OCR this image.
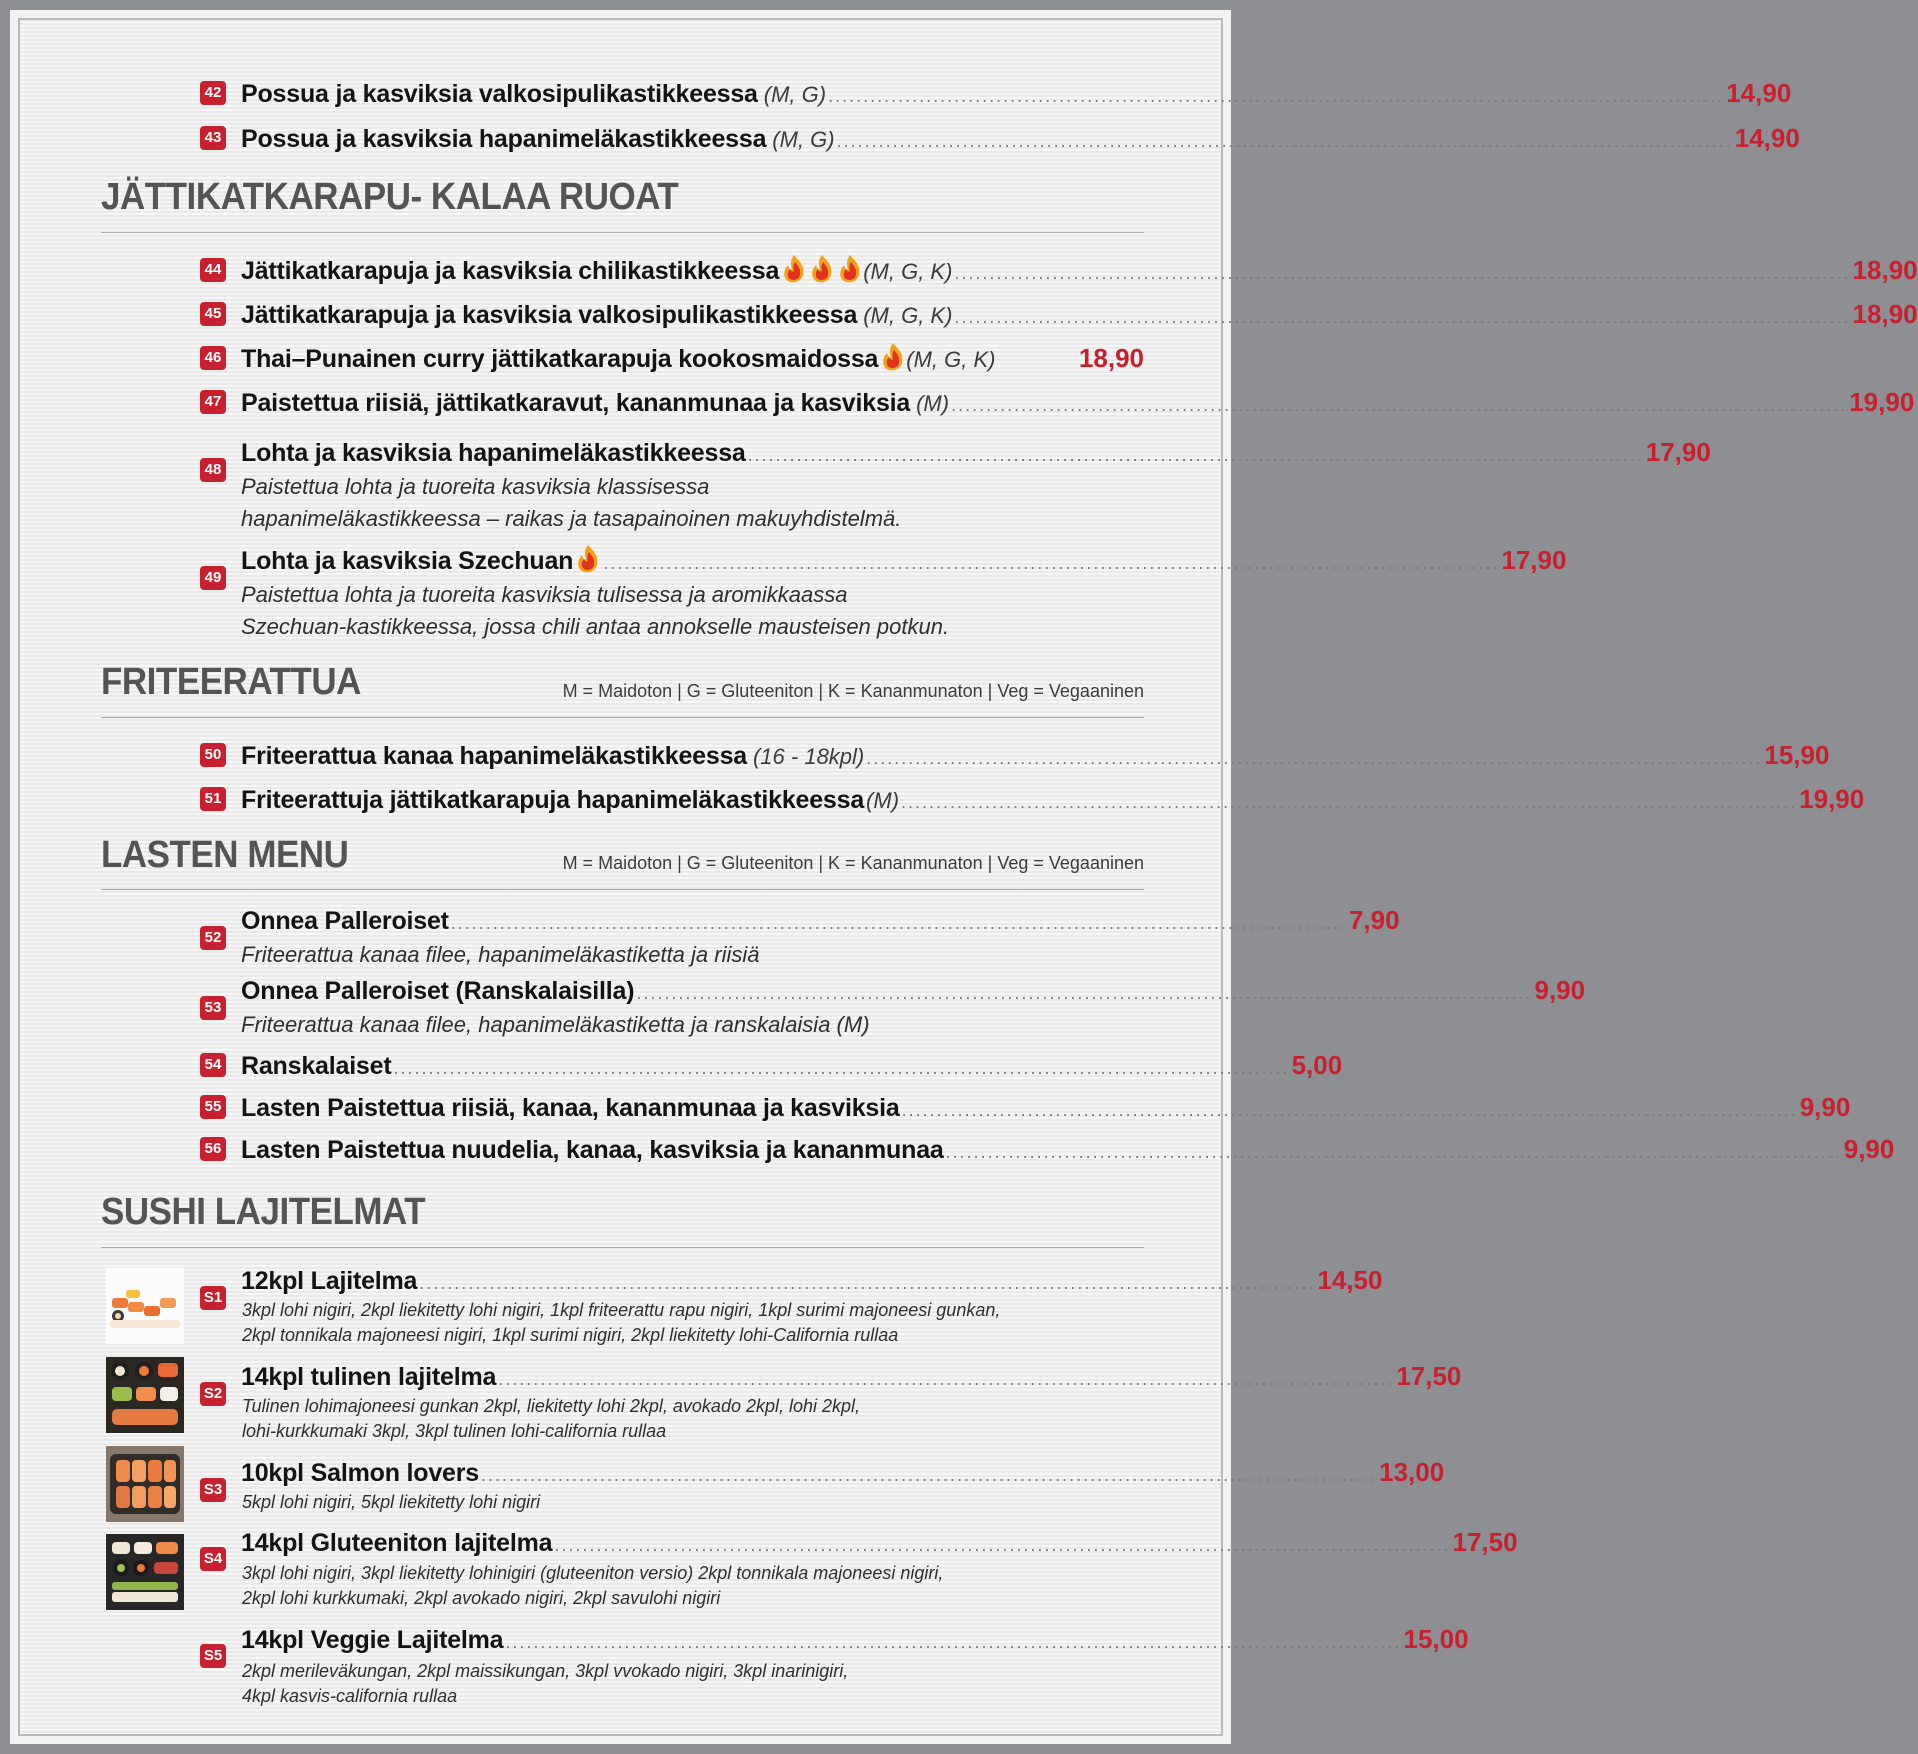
42 Possua ja kasviksia valkosipulikastikkeessa (M, G) ................................................................................................................................ 14,90
43 Possua ja kasviksia hapanimeläkastikkeessa (M, G) ................................................................................................................................ 14,90
JÄTTIKATKARAPU- KALAA RUOAT
44 Jättikatkarapuja ja kasviksia chilikastikkeessa	(M, G, K) ................................................................................................................................ 18,90
45 Jättikatkarapuja ja kasviksia valkosipulikastikkeessa (M, G, K) ................................................................................................................................ 18,90
46 Thai–Punainen curry jättikatkarapuja kookosmaidossa (M, G, K)	18,90
47 Paistettua riisiä, jättikatkaravut, kananmunaa ja kasviksia (M) ................................................................................................................................ 19,90
48
Lohta ja kasviksia hapanimeläkastikkeessa ................................................................................................................................ 17,90
Paistettua lohta ja tuoreita kasviksia klassisessa
hapanimeläkastikkeessa – raikas ja tasapainoinen makuyhdistelmä.
49
Lohta ja kasviksia Szechuan ................................................................................................................................ 17,90
Paistettua lohta ja tuoreita kasviksia tulisessa ja aromikkaassa
Szechuan-kastikkeessa, jossa chili antaa annokselle mausteisen potkun.
FRITEERATTUA	M = Maidoton | G = Gluteeniton | K = Kananmunaton | Veg = Vegaaninen
50 Friteerattua kanaa hapanimeläkastikkeessa (16 - 18kpl) ................................................................................................................................ 15,90
51 Friteerattuja jättikatkarapuja hapanimeläkastikkeessa (M) ................................................................................................................................ 19,90
LASTEN MENU	M = Maidoton | G = Gluteeniton | K = Kananmunaton | Veg = Vegaaninen
52
Onnea Palleroiset ................................................................................................................................ 7,90
Friteerattua kanaa filee, hapanimeläkastiketta ja riisiä
53
Onnea Palleroiset (Ranskalaisilla) ................................................................................................................................ 9,90
Friteerattua kanaa filee, hapanimeläkastiketta ja ranskalaisia (M)
54 Ranskalaiset ................................................................................................................................ 5,00
55 Lasten Paistettua riisiä, kanaa, kananmunaa ja kasviksia ................................................................................................................................ 9,90
56 Lasten Paistettua nuudelia, kanaa, kasviksia ja kananmunaa ................................................................................................................................ 9,90
SUSHI LAJITELMAT
S1
12kpl Lajitelma ................................................................................................................................ 14,50
3kpl lohi nigiri, 2kpl liekitetty lohi nigiri, 1kpl friteerattu rapu nigiri, 1kpl surimi majoneesi gunkan,
2kpl tonnikala majoneesi nigiri, 1kpl surimi nigiri, 2kpl liekitetty lohi-California rullaa
S2
14kpl tulinen lajitelma ................................................................................................................................ 17,50
Tulinen lohimajoneesi gunkan 2kpl, liekitetty lohi 2kpl, avokado 2kpl, lohi 2kpl,
lohi-kurkkumaki 3kpl, 3kpl tulinen lohi-california rullaa
S3
10kpl Salmon lovers ................................................................................................................................ 13,00
5kpl lohi nigiri, 5kpl liekitetty lohi nigiri
S4
14kpl Gluteeniton lajitelma ................................................................................................................................ 17,50
3kpl lohi nigiri, 3kpl liekitetty lohinigiri (gluteeniton versio) 2kpl tonnikala majoneesi nigiri,
2kpl lohi kurkkumaki, 2kpl avokado nigiri, 2kpl savulohi nigiri
S5
14kpl Veggie Lajitelma ................................................................................................................................ 15,00
2kpl merileväkungan, 2kpl maissikungan, 3kpl vvokado nigiri, 3kpl inarinigiri,
4kpl kasvis-california rullaa
